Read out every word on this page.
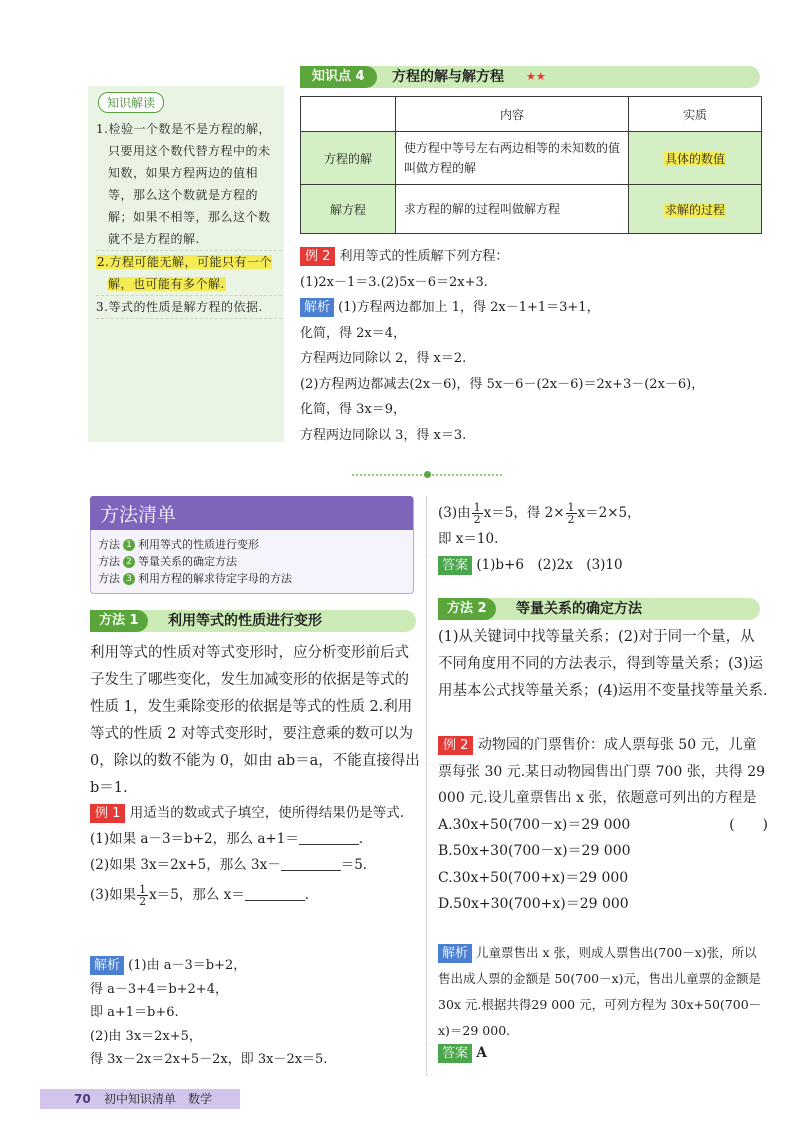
知识解读

1.检验一个数是不是方程的解，只要用这个数代替方程中的未知数，如果方程两边的值相等，那么这个数就是方程的解；如果不相等，那么这个数就不是方程的解.

2.方程可能无解，可能只有一个解，也可能有多个解.

3.等式的性质是解方程的依据.

知识点 4	方程的解与解方程 ★★
	内容	实质
方程的解	使方程中等号左右两边相等的未知数的值叫做方程的解	具体的数值
解方程	求方程的解的过程叫做解方程	求解的过程

例 2 利用等式的性质解下列方程：

(1)2x－1＝3.(2)5x－6＝2x+3.

解析 (1)方程两边都加上 1，得 2x－1+1＝3+1，

化简，得 2x＝4，

方程两边同除以 2，得 x＝2.

(2)方程两边都减去(2x－6)，得 5x－6－(2x－6)＝2x+3－(2x－6)，

化简，得 3x＝9，

方程两边同除以 3，得 x＝3.

方法清单
方法 1 利用等式的性质进行变形
方法 2 等量关系的确定方法
方法 3 利用方程的解求待定字母的方法
方法 1	利用等式的性质进行变形

利用等式的性质对等式变形时，应分析变形前后式子发生了哪些变化，发生加减变形的依据是等式的性质 1，发生乘除变形的依据是等式的性质 2.利用等式的性质 2 对等式变形时，要注意乘的数可以为 0，除以的数不能为 0，如由 ab＝a，不能直接得出 b＝1.

例 1 用适当的数或式子填空，使所得结果仍是等式.

(1)如果 a－3＝b+2，那么 a+1＝	.

(2)如果 3x＝2x+5，那么 3x－	＝5.

(3)如果 $\frac{1}{2} x=5$，那么 x＝	.

解析 (1)由 a－3＝b+2，

得 a－3+4＝b+2+4，

即 a+1＝b+6.

(2)由 3x＝2x+5，

得 3x－2x＝2x+5－2x，即 3x－2x＝5.

(3)由 $\frac{1}{2} x=5$，得 $2\times \frac{1}{2} x=2\times 5$，

即 x＝10.

答案 (1)b+6　(2)2x　(3)10

方法 2	等量关系的确定方法

(1)从关键词中找等量关系；(2)对于同一个量，从不同角度用不同的方法表示，得到等量关系；(3)运用基本公式找等量关系；(4)运用不变量找等量关系.

例 2 动物园的门票售价：成人票每张 50 元，儿童票每张 30 元.某日动物园售出门票 700 张，共得 29 000 元.设儿童票售出 x 张，依题意可列出的方程是
(　　)

A.30x+50(700－x)＝29 000

B.50x+30(700－x)＝29 000

C.30x+50(700+x)＝29 000

D.50x+30(700+x)＝29 000

解析 儿童票售出 x 张，则成人票售出(700－x)张，所以售出成人票的金额是 50(700－x)元，售出儿童票的金额是 30x 元.根据共得29 000 元，可列方程为 30x+50(700－x)＝29 000.

答案 A
70 初中知识清单　数学
